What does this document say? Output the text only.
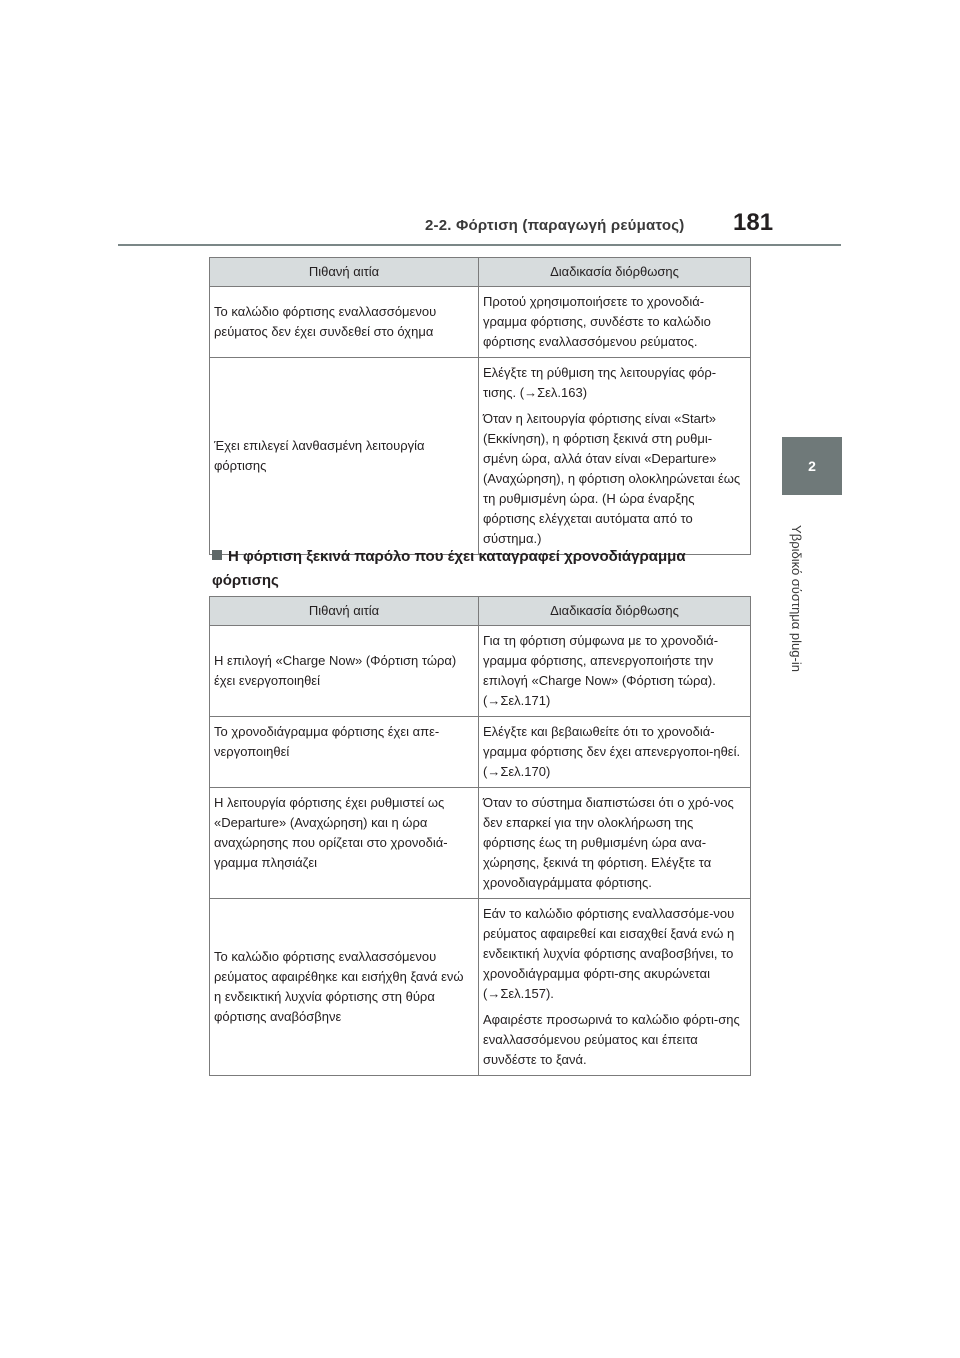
2-2. Φόρτιση (παραγωγή ρεύματος) 181
2
Υβριδικό σύστημα plug-in
Πιθανή αιτία	Διαδικασία διόρθωσης
Το καλώδιο φόρτισης εναλλασσόμενου ρεύματος δεν έχει συνδεθεί στο όχημα	Προτού χρησιμοποιήσετε το χρονοδιά-γραμμα φόρτισης, συνδέστε το καλώδιο φόρτισης εναλλασσόμενου ρεύματος.

Έχει επιλεγεί λανθασμένη λειτουργία φόρτισης	Ελέγξτε τη ρύθμιση της λειτουργίας φόρ-τισης. (→Σελ.163)

Όταν η λειτουργία φόρτισης είναι «Start» (Εκκίνηση), η φόρτιση ξεκινά στη ρυθμι-σμένη ώρα, αλλά όταν είναι «Departure» (Αναχώρηση), η φόρτιση ολοκληρώνεται έως τη ρυθμισμένη ώρα. (Η ώρα έναρξης φόρτισης ελέγχεται αυτόματα από το σύστημα.)

Η φόρτιση ξεκινά παρόλο που έχει καταγραφεί χρονοδιάγραμμα
φόρτισης
Πιθανή αιτία	Διαδικασία διόρθωσης
Η επιλογή «Charge Now» (Φόρτιση τώρα) έχει ενεργοποιηθεί	Για τη φόρτιση σύμφωνα με το χρονοδιά-γραμμα φόρτισης, απενεργοποιήστε την επιλογή «Charge Now» (Φόρτιση τώρα). (→Σελ.171)

Το χρονοδιάγραμμα φόρτισης έχει απε-νεργοποιηθεί	Ελέγξτε και βεβαιωθείτε ότι το χρονοδιά-γραμμα φόρτισης δεν έχει απενεργοποι-ηθεί. (→Σελ.170)

Η λειτουργία φόρτισης έχει ρυθμιστεί ως «Departure» (Αναχώρηση) και η ώρα αναχώρησης που ορίζεται στο χρονοδιά-γραμμα πλησιάζει	Όταν το σύστημα διαπιστώσει ότι ο χρό-νος δεν επαρκεί για την ολοκλήρωση της φόρτισης έως τη ρυθμισμένη ώρα ανα-χώρησης, ξεκινά τη φόρτιση. Ελέγξτε τα χρονοδιαγράμματα φόρτισης.

Το καλώδιο φόρτισης εναλλασσόμενου ρεύματος αφαιρέθηκε και εισήχθη ξανά ενώ η ενδεικτική λυχνία φόρτισης στη θύρα φόρτισης αναβόσβηνε	Εάν το καλώδιο φόρτισης εναλλασσόμε-νου ρεύματος αφαιρεθεί και εισαχθεί ξανά ενώ η ενδεικτική λυχνία φόρτισης αναβοσβήνει, το χρονοδιάγραμμα φόρτι-σης ακυρώνεται (→Σελ.157).

Αφαιρέστε προσωρινά το καλώδιο φόρτι-σης εναλλασσόμενου ρεύματος και έπειτα συνδέστε το ξανά.
